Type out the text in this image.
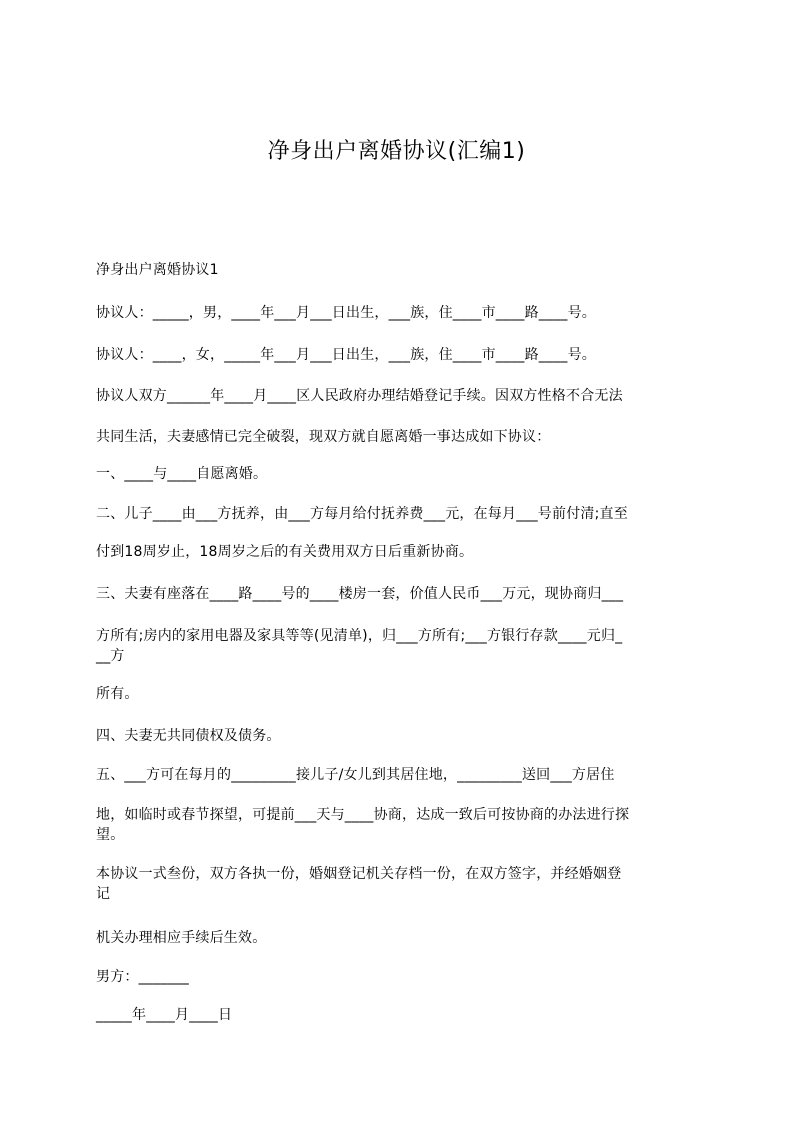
净身出户离婚协议(汇编1)

净身出户离婚协议1

协议人：_____，男，____年___月___日出生，___族，住____市____路____号。

协议人：____，女，_____年___月___日出生，___族，住____市____路____号。

协议人双方______年____月____区人民政府办理结婚登记手续。因双方性格不合无法

共同生活，夫妻感情已完全破裂，现双方就自愿离婚一事达成如下协议：

一、____与____自愿离婚。

二、儿子____由___方抚养，由___方每月给付抚养费___元，在每月___号前付清;直至

付到18周岁止，18周岁之后的有关费用双方日后重新协商。

三、夫妻有座落在____路____号的____楼房一套，价值人民币___万元，现协商归___

方所有;房内的家用电器及家具等等(见清单)，归___方所有;___方银行存款____元归_
__方

所有。

四、夫妻无共同债权及债务。

五、___方可在每月的_________接儿子/女儿到其居住地，_________送回___方居住

地，如临时或春节探望，可提前___天与____协商，达成一致后可按协商的办法进行探
望。

本协议一式叁份，双方各执一份，婚姻登记机关存档一份，在双方签字，并经婚姻登
记

机关办理相应手续后生效。

男方：_______

_____年____月____日
